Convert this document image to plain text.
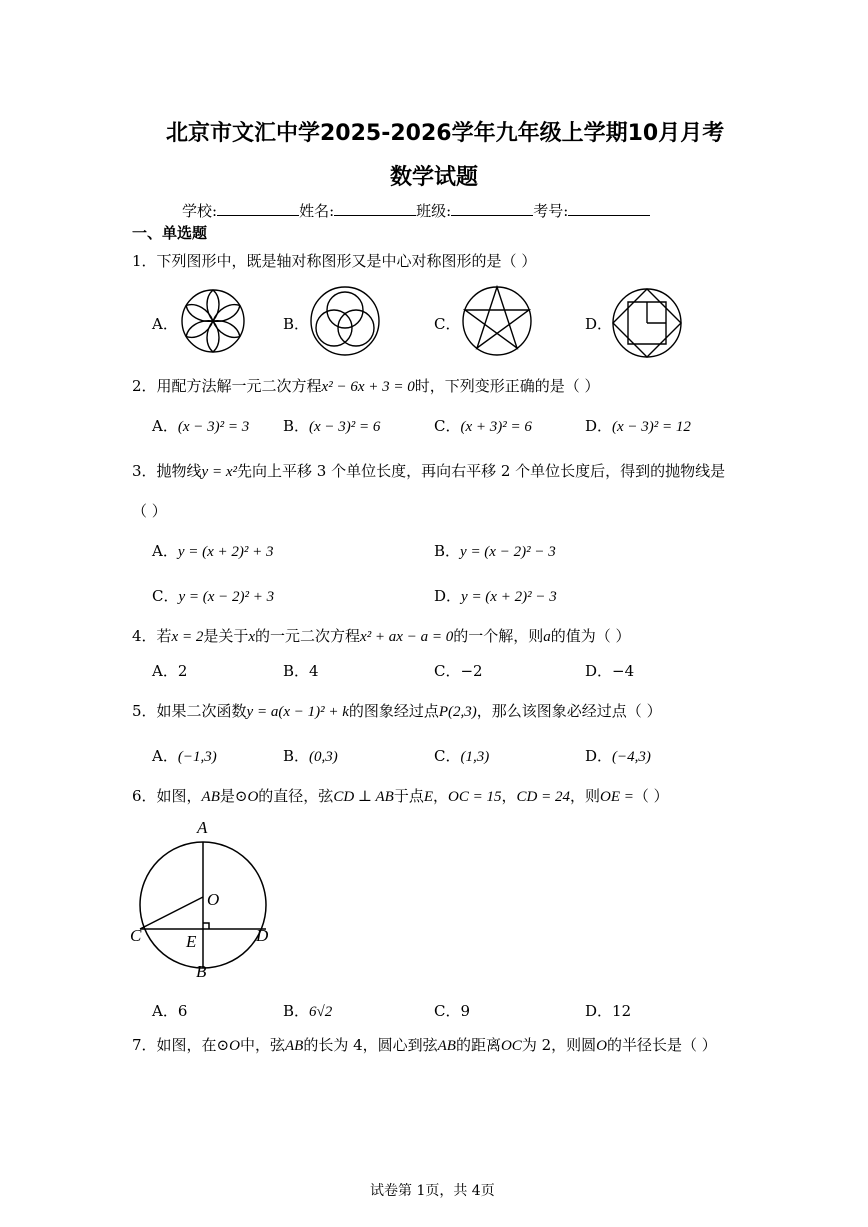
北京市文汇中学2025-2026学年九年级上学期10月月考
数学试题
学校:	姓名:	班级:	考号:
一、单选题
1．下列图形中，既是轴对称图形又是中心对称图形的是（ ）
A．	B．	C．	D．
2．用配方法解一元二次方程x² − 6x + 3 = 0时，下列变形正确的是（ ）
A．(x − 3)² = 3 B．(x − 3)² = 6	C．(x + 3)² = 6	D．(x − 3)² = 12
3．抛物线y = x²先向上平移 3 个单位长度，再向右平移 2 个单位长度后，得到的抛物线是
（ ）
A．y = (x + 2)² + 3	B．y = (x − 2)² − 3
C．y = (x − 2)² + 3	D．y = (x + 2)² − 3
4．若x = 2是关于x的一元二次方程x² + ax − a = 0的一个解，则a的值为（ ）
A．2	B．4	C．−2	D．−4
5．如果二次函数y = a(x − 1)² + k的图象经过点P(2,3)，那么该图象必经过点（ ）
A．(−1,3)	B．(0,3)	C．(1,3)	D．(−4,3)
6．如图，AB是⊙O的直径，弦CD ⊥ AB于点E，OC = 15，CD = 24，则OE =（ ）
A
O
C	E	D
B
A．6	B．6√2	C．9	D．12
7．如图，在⊙O中，弦AB的长为 4，圆心到弦AB的距离OC为 2，则圆O的半径长是（ ）
试卷第 1页，共 4页
